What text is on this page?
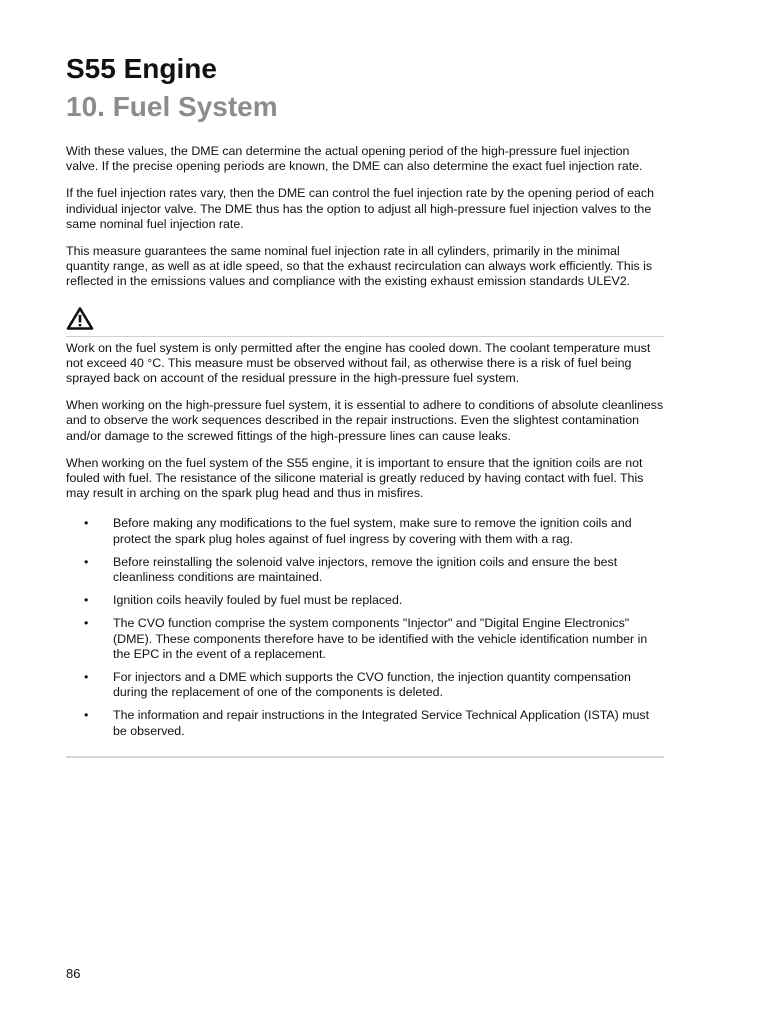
S55 Engine
10. Fuel System

With these values, the DME can determine the actual opening period of the high-pressure fuel injection valve. If the precise opening periods are known, the DME can also determine the exact fuel injection rate.

If the fuel injection rates vary, then the DME can control the fuel injection rate by the opening period of each individual injector valve. The DME thus has the option to adjust all high-pressure fuel injection valves to the same nominal fuel injection rate.

This measure guarantees the same nominal fuel injection rate in all cylinders, primarily in the minimal quantity range, as well as at idle speed, so that the exhaust recirculation can always work efficiently. This is reflected in the emissions values and compliance with the existing exhaust emission standards ULEV2.

Work on the fuel system is only permitted after the engine has cooled down. The coolant temperature must not exceed 40 °C. This measure must be observed without fail, as otherwise there is a risk of fuel being sprayed back on account of the residual pressure in the high-pressure fuel system.

When working on the high-pressure fuel system, it is essential to adhere to conditions of absolute cleanliness and to observe the work sequences described in the repair instructions. Even the slightest contamination and/or damage to the screwed fittings of the high-pressure lines can cause leaks.

When working on the fuel system of the S55 engine, it is important to ensure that the ignition coils are not fouled with fuel. The resistance of the silicone material is greatly reduced by having contact with fuel. This may result in arching on the spark plug head and thus in misfires.

• Before making any modifications to the fuel system, make sure to remove the ignition coils and protect the spark plug holes against of fuel ingress by covering with them with a rag.
• Before reinstalling the solenoid valve injectors, remove the ignition coils and ensure the best cleanliness conditions are maintained.
• Ignition coils heavily fouled by fuel must be replaced.
• The CVO function comprise the system components "Injector" and "Digital Engine Electronics" (DME). These components therefore have to be identified with the vehicle identification number in the EPC in the event of a replacement.
• For injectors and a DME which supports the CVO function, the injection quantity compensation during the replacement of one of the components is deleted.
• The information and repair instructions in the Integrated Service Technical Application (ISTA) must be observed.
86
